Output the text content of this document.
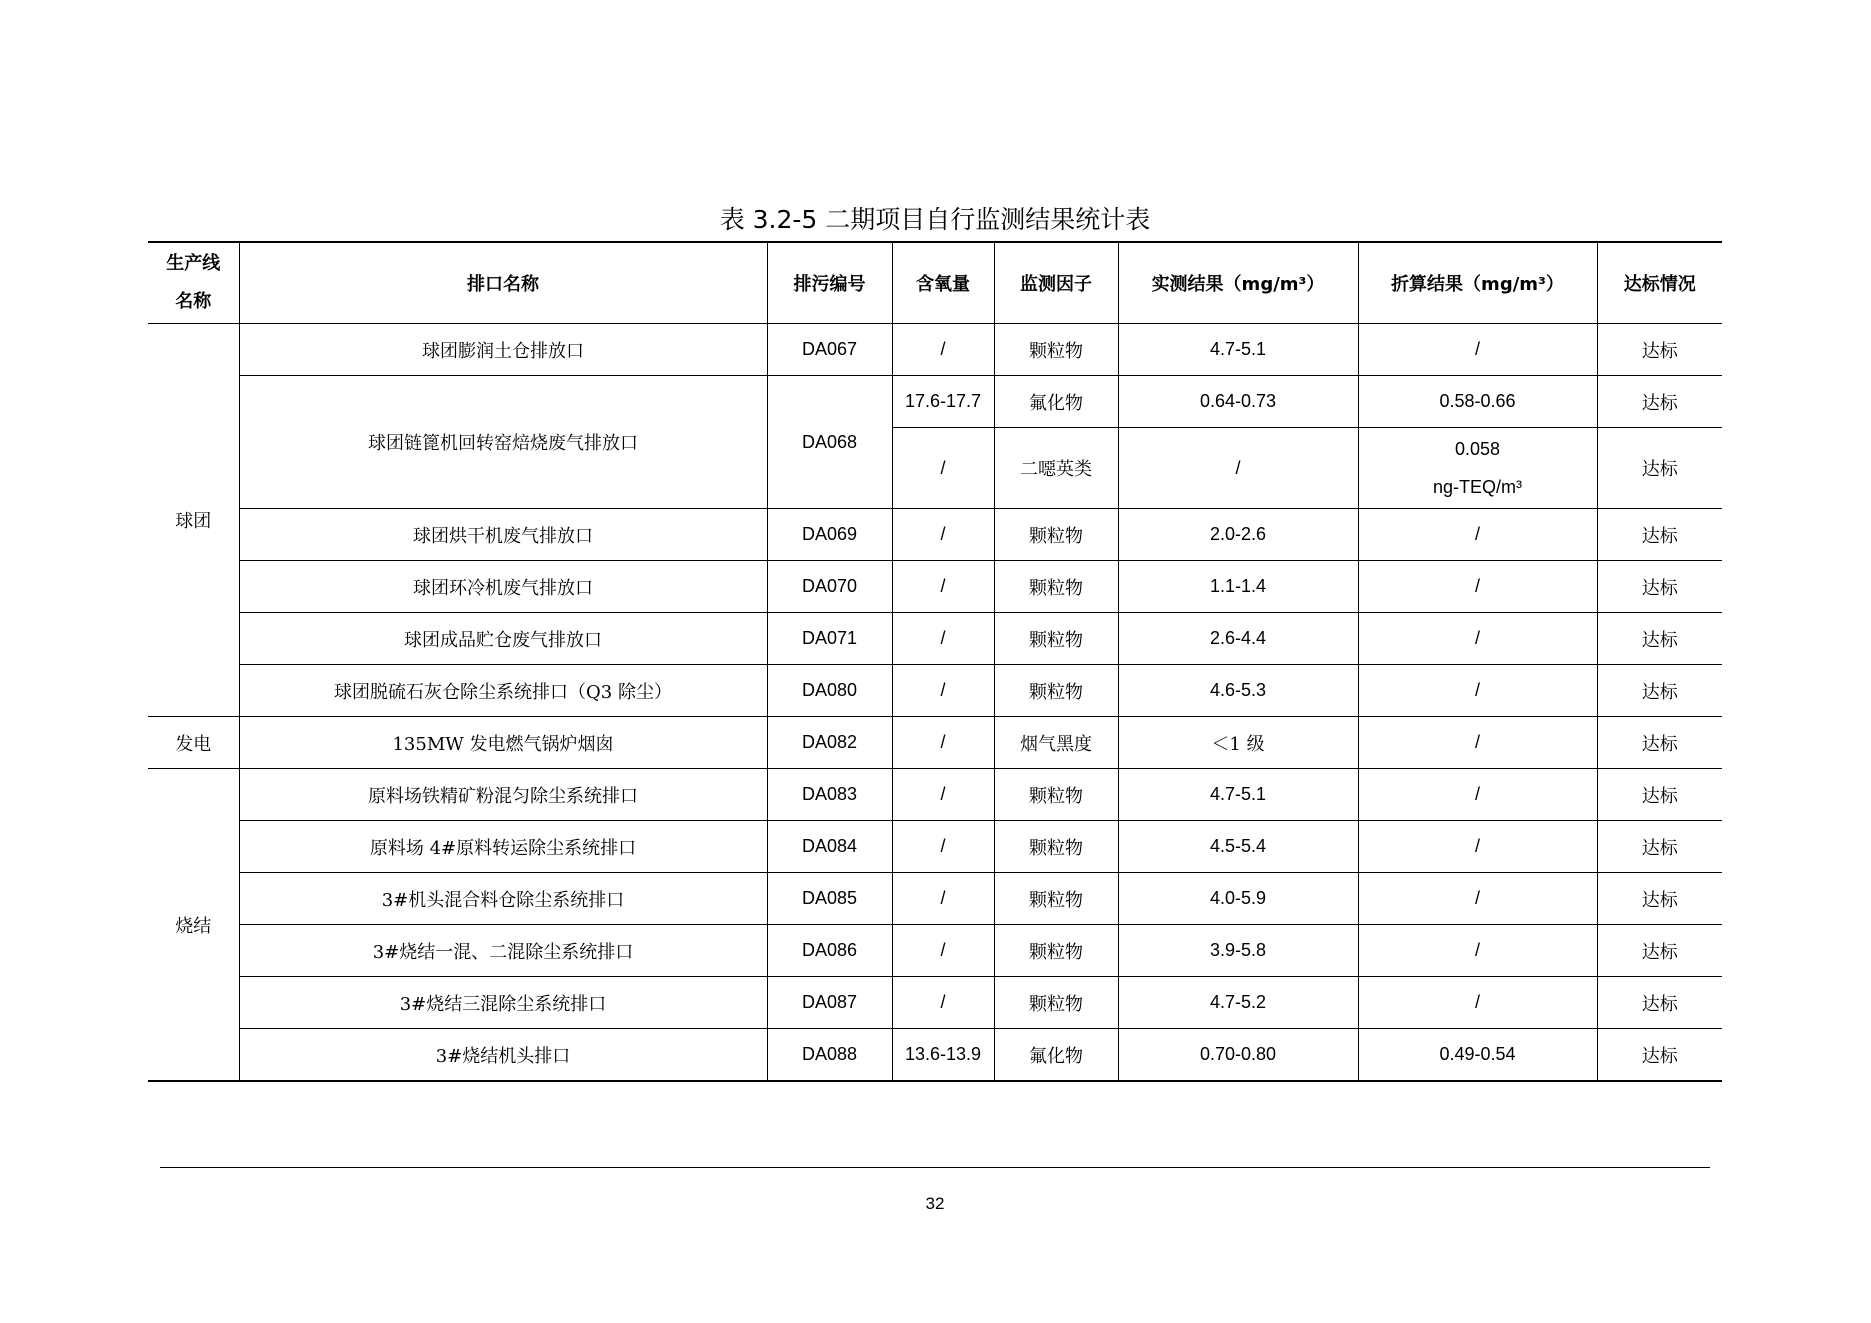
表 3.2-5 二期项目自行监测结果统计表
生产线
名称	排口名称	排污编号	含氧量	监测因子	实测结果（mg/m³）	折算结果（mg/m³）	达标情况
球团	球团膨润土仓排放口	DA067	/	颗粒物	4.7-5.1	/	达标
	球团链篦机回转窑焙烧废气排放口	DA068	17.6-17.7	氟化物	0.64-0.73	0.58-0.66	达标
			/	二噁英类	/	0.058
ng-TEQ/m³	达标
	球团烘干机废气排放口	DA069	/	颗粒物	2.0-2.6	/	达标
	球团环冷机废气排放口	DA070	/	颗粒物	1.1-1.4	/	达标
	球团成品贮仓废气排放口	DA071	/	颗粒物	2.6-4.4	/	达标
	球团脱硫石灰仓除尘系统排口（Q3 除尘）	DA080	/	颗粒物	4.6-5.3	/	达标
发电	135MW 发电燃气锅炉烟囱	DA082	/	烟气黑度	＜1 级	/	达标
烧结	原料场铁精矿粉混匀除尘系统排口	DA083	/	颗粒物	4.7-5.1	/	达标
	原料场 4#原料转运除尘系统排口	DA084	/	颗粒物	4.5-5.4	/	达标
	3#机头混合料仓除尘系统排口	DA085	/	颗粒物	4.0-5.9	/	达标
	3#烧结一混、二混除尘系统排口	DA086	/	颗粒物	3.9-5.8	/	达标
	3#烧结三混除尘系统排口	DA087	/	颗粒物	4.7-5.2	/	达标
	3#烧结机头排口	DA088	13.6-13.9	氟化物	0.70-0.80	0.49-0.54	达标
32
